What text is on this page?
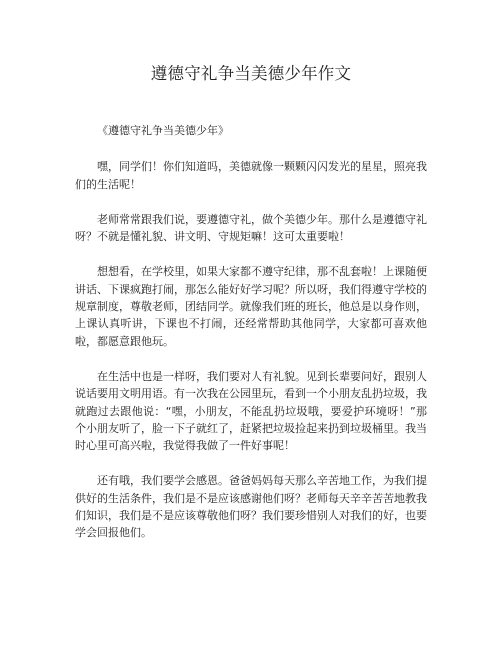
遵德守礼争当美德少年作文

《遵德守礼争当美德少年》

嘿，同学们！你们知道吗，美德就像一颗颗闪闪发光的星星，照亮我们的生活呢！

老师常常跟我们说，要遵德守礼，做个美德少年。那什么是遵德守礼呀？不就是懂礼貌、讲文明、守规矩嘛！这可太重要啦！

想想看，在学校里，如果大家都不遵守纪律，那不乱套啦！上课随便讲话、下课疯跑打闹，那怎么能好好学习呢？所以呀，我们得遵守学校的规章制度，尊敬老师，团结同学。就像我们班的班长，他总是以身作则，上课认真听讲，下课也不打闹，还经常帮助其他同学，大家都可喜欢他啦，都愿意跟他玩。

在生活中也是一样呀，我们要对人有礼貌。见到长辈要问好，跟别人说话要用文明用语。有一次我在公园里玩，看到一个小朋友乱扔垃圾，我就跑过去跟他说：“嘿，小朋友，不能乱扔垃圾哦，要爱护环境呀！”那个小朋友听了，脸一下子就红了，赶紧把垃圾捡起来扔到垃圾桶里。我当时心里可高兴啦，我觉得我做了一件好事呢！

还有哦，我们要学会感恩。爸爸妈妈每天那么辛苦地工作，为我们提供好的生活条件，我们是不是应该感谢他们呀？老师每天辛辛苦苦地教我们知识，我们是不是应该尊敬他们呀？我们要珍惜别人对我们的好，也要学会回报他们。
